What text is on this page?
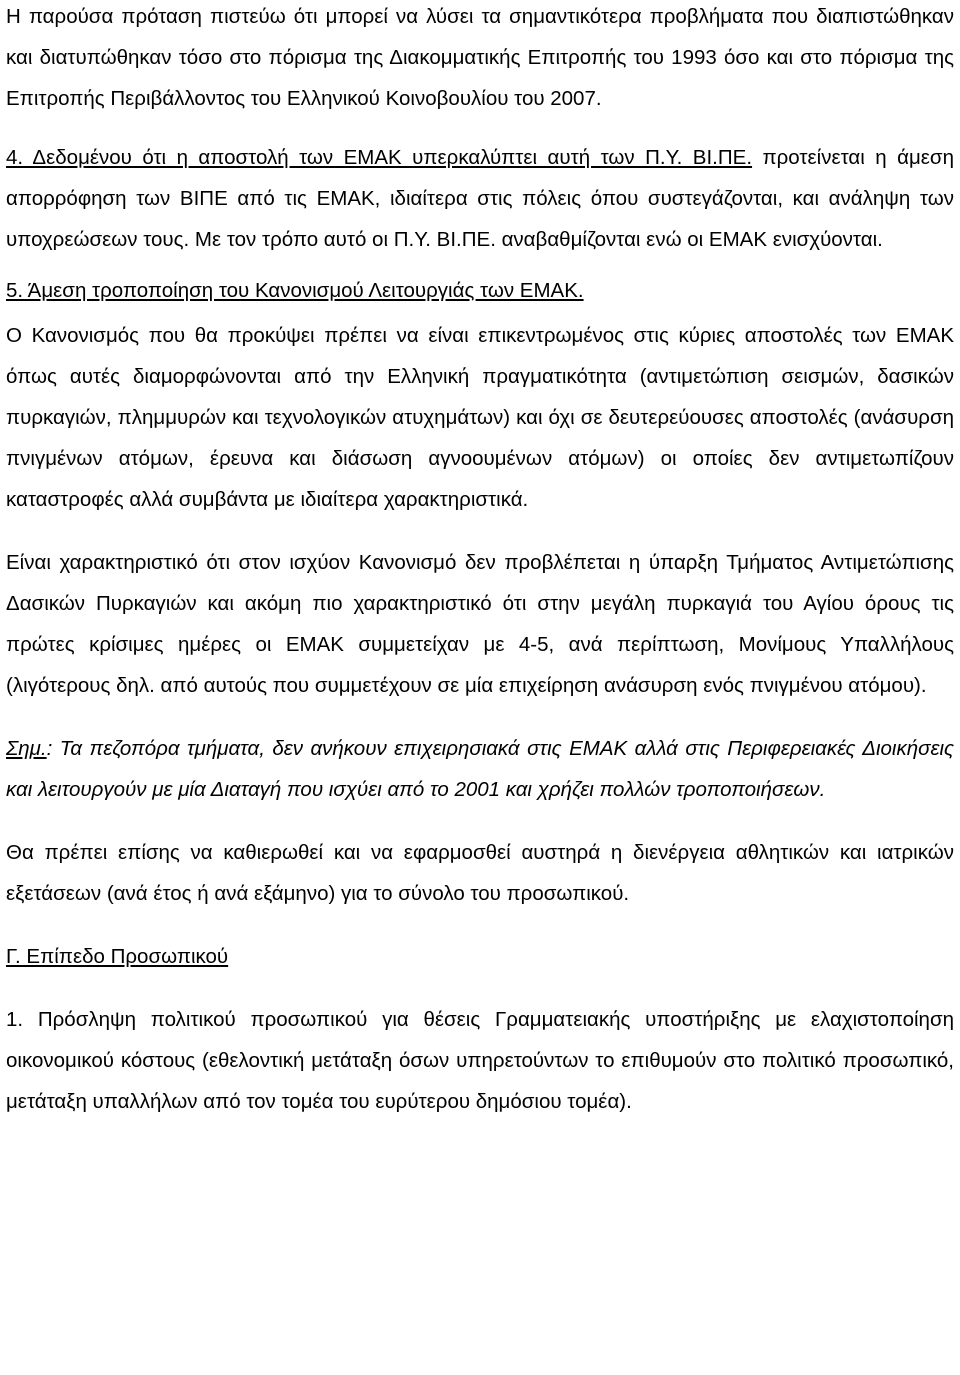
Η παρούσα πρόταση πιστεύω ότι μπορεί να λύσει τα σημαντικότερα προβλήματα που διαπιστώθηκαν και διατυπώθηκαν τόσο στο πόρισμα της Διακομματικής Επιτροπής του 1993 όσο και στο πόρισμα της Επιτροπής Περιβάλλοντος του Ελληνικού Κοινοβουλίου του 2007.

4. Δεδομένου ότι η αποστολή των ΕΜΑΚ υπερκαλύπτει αυτή των Π.Υ. ΒΙ.ΠΕ. προτείνεται η άμεση απορρόφηση των ΒΙΠΕ από τις ΕΜΑΚ, ιδιαίτερα στις πόλεις όπου συστεγάζονται, και ανάληψη των υποχρεώσεων τους. Με τον τρόπο αυτό οι Π.Υ. ΒΙ.ΠΕ. αναβαθμίζονται ενώ οι ΕΜΑΚ ενισχύονται.

5. Άμεση τροποποίηση του Κανονισμού Λειτουργιάς των ΕΜΑΚ.

Ο Κανονισμός που θα προκύψει πρέπει να είναι επικεντρωμένος στις κύριες αποστολές των ΕΜΑΚ όπως αυτές διαμορφώνονται από την Ελληνική πραγματικότητα (αντιμετώπιση σεισμών, δασικών πυρκαγιών, πλημμυρών και τεχνολογικών ατυχημάτων) και όχι σε δευτερεύουσες αποστολές (ανάσυρση πνιγμένων ατόμων, έρευνα και διάσωση αγνοουμένων ατόμων) οι οποίες δεν αντιμετωπίζουν καταστροφές αλλά συμβάντα με ιδιαίτερα χαρακτηριστικά.

Είναι χαρακτηριστικό ότι στον ισχύον Κανονισμό δεν προβλέπεται η ύπαρξη Τμήματος Αντιμετώπισης Δασικών Πυρκαγιών και ακόμη πιο χαρακτηριστικό ότι στην μεγάλη πυρκαγιά του Αγίου όρους τις πρώτες κρίσιμες ημέρες οι ΕΜΑΚ συμμετείχαν με 4-5, ανά περίπτωση, Μονίμους Υπαλλήλους (λιγότερους δηλ. από αυτούς που συμμετέχουν σε μία επιχείρηση ανάσυρση ενός πνιγμένου ατόμου).

Σημ.: Τα πεζοπόρα τμήματα, δεν ανήκουν επιχειρησιακά στις ΕΜΑΚ αλλά στις Περιφερειακές Διοικήσεις και λειτουργούν με μία Διαταγή που ισχύει από το 2001 και χρήζει πολλών τροποποιήσεων.

Θα πρέπει επίσης να καθιερωθεί και να εφαρμοσθεί αυστηρά η διενέργεια αθλητικών και ιατρικών εξετάσεων (ανά έτος ή ανά εξάμηνο) για το σύνολο του προσωπικού.

Γ. Επίπεδο Προσωπικού

1. Πρόσληψη πολιτικού προσωπικού για θέσεις Γραμματειακής υποστήριξης με ελαχιστοποίηση οικονομικού κόστους (εθελοντική μετάταξη όσων υπηρετούντων το επιθυμούν στο πολιτικό προσωπικό, μετάταξη υπαλλήλων από τον τομέα του ευρύτερου δημόσιου τομέα).
